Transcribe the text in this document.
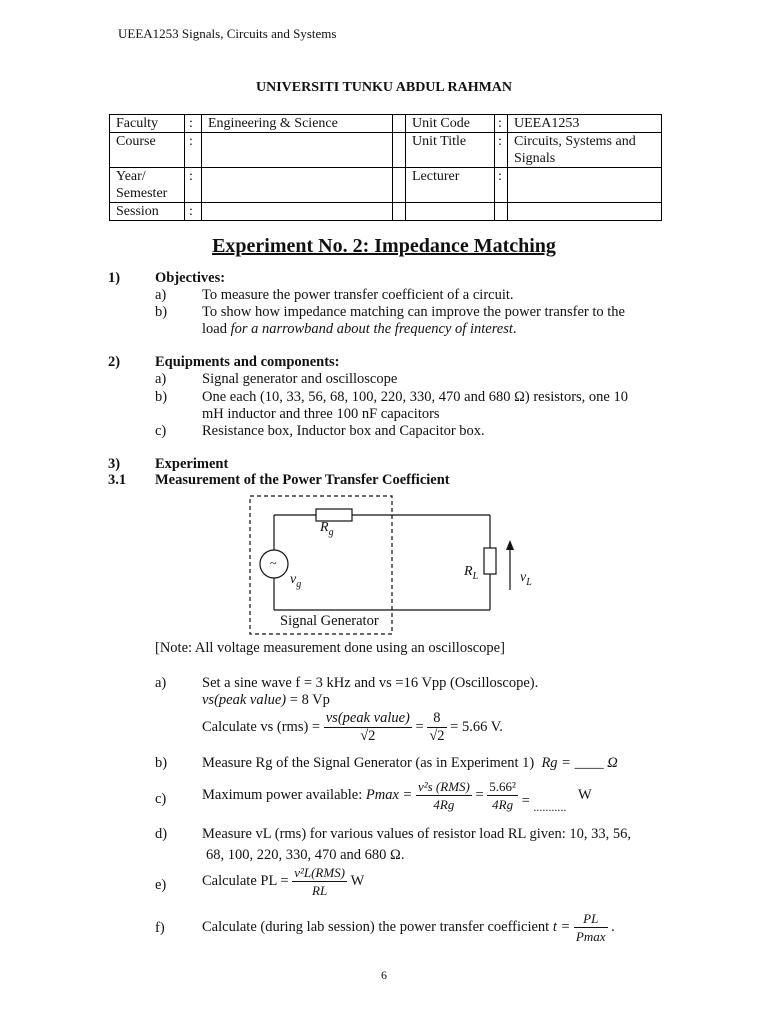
UEEA1253 Signals, Circuits and Systems
UNIVERSITI TUNKU ABDUL RAHMAN
Faculty	:	Engineering & Science		Unit Code	:	UEEA1253
Course	:			Unit Title	:	Circuits, Systems and Signals
Year/ Semester	:			Lecturer	:	
Session	:					
Experiment No. 2: Impedance Matching
1) Objectives:
a) To measure the power transfer coefficient of a circuit.
b) To show how impedance matching can improve the power transfer to the
load for a narrowband about the frequency of interest.
2) Equipments and components:
a) Signal generator and oscilloscope
b) One each (10, 33, 56, 68, 100, 220, 330, 470 and 680 Ω) resistors, one 10
mH inductor and three 100 nF capacitors
c) Resistance box, Inductor box and Capacitor box.
3) Experiment
3.1 Measurement of the Power Transfer Coefficient
~
$R_g$
$v_g$
$R_L$	$v_L$
Signal Generator
[Note: All voltage measurement done using an oscilloscope]
a) Set a sine wave f = 3 kHz and vs =16 Vpp (Oscilloscope).
vs(peak value) = 8 Vp
Calculate vs $(rms) = \frac{\text{vs(peak value)}}{√2} = \frac{8}{√2} = 5.66$ V.
b) Measure Rg of the Signal Generator (as in Experiment 1) Rg = ____ Ω
c) Maximum power available: $Pmax = \frac{\text{v²s (RMS)}}{4Rg} = \frac{\text{5.66²}}{4Rg} = _{...........}$ W
d) Measure vL (rms) for various values of resistor load RL given: 10, 33, 56,
68, 100, 220, 330, 470 and 680 Ω.
e) Calculate PL = $\frac{\text{v²L(RMS)}}{RL}$ W
f)	Calculate (during lab session) the power transfer coefficient $t = \frac{PL}{Pmax}$ .
6
